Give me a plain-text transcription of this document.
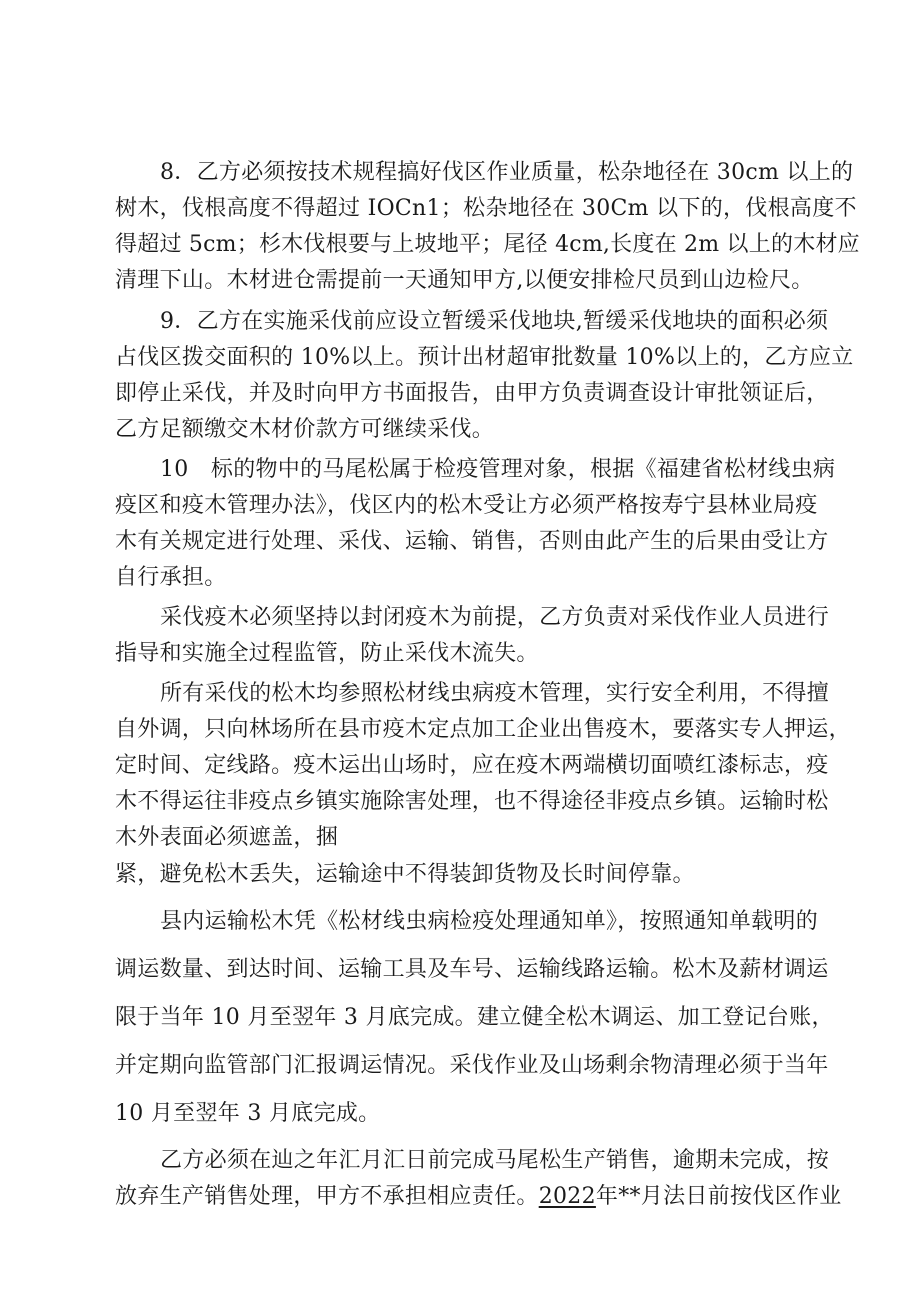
8．乙方必须按技术规程搞好伐区作业质量，松杂地径在 30cm 以上的
树木，伐根高度不得超过 IOCn1；松杂地径在 30Cm 以下的，伐根高度不
得超过 5cm；杉木伐根要与上坡地平；尾径 4cm,长度在 2m 以上的木材应
清理下山。木材进仓需提前一天通知甲方,以便安排检尺员到山边检尺。
9．乙方在实施采伐前应设立暂缓采伐地块,暂缓采伐地块的面积必须
占伐区拨交面积的 10%以上。预计出材超审批数量 10%以上的，乙方应立
即停止采伐，并及时向甲方书面报告，由甲方负责调查设计审批领证后，
乙方足额缴交木材价款方可继续采伐。
10　标的物中的马尾松属于检疫管理对象，根据《福建省松材线虫病
疫区和疫木管理办法》，伐区内的松木受让方必须严格按寿宁县林业局疫
木有关规定进行处理、采伐、运输、销售，否则由此产生的后果由受让方
自行承担。
采伐疫木必须坚持以封闭疫木为前提，乙方负责对采伐作业人员进行
指导和实施全过程监管，防止采伐木流失。
所有采伐的松木均参照松材线虫病疫木管理，实行安全利用，不得擅
自外调，只向林场所在县市疫木定点加工企业出售疫木，要落实专人押运，
定时间、定线路。疫木运出山场时，应在疫木两端横切面喷红漆标志，疫
木不得运往非疫点乡镇实施除害处理，也不得途径非疫点乡镇。运输时松
木外表面必须遮盖，捆
紧，避免松木丢失，运输途中不得装卸货物及长时间停靠。
县内运输松木凭《松材线虫病检疫处理通知单》，按照通知单载明的
调运数量、到达时间、运输工具及车号、运输线路运输。松木及薪材调运
限于当年 10 月至翌年 3 月底完成。建立健全松木调运、加工登记台账，
并定期向监管部门汇报调运情况。采伐作业及山场剩余物清理必须于当年
10 月至翌年 3 月底完成。
乙方必须在辿之年汇月汇日前完成马尾松生产销售，逾期未完成，按
放弃生产销售处理，甲方不承担相应责任。2022年**月法日前按伐区作业
